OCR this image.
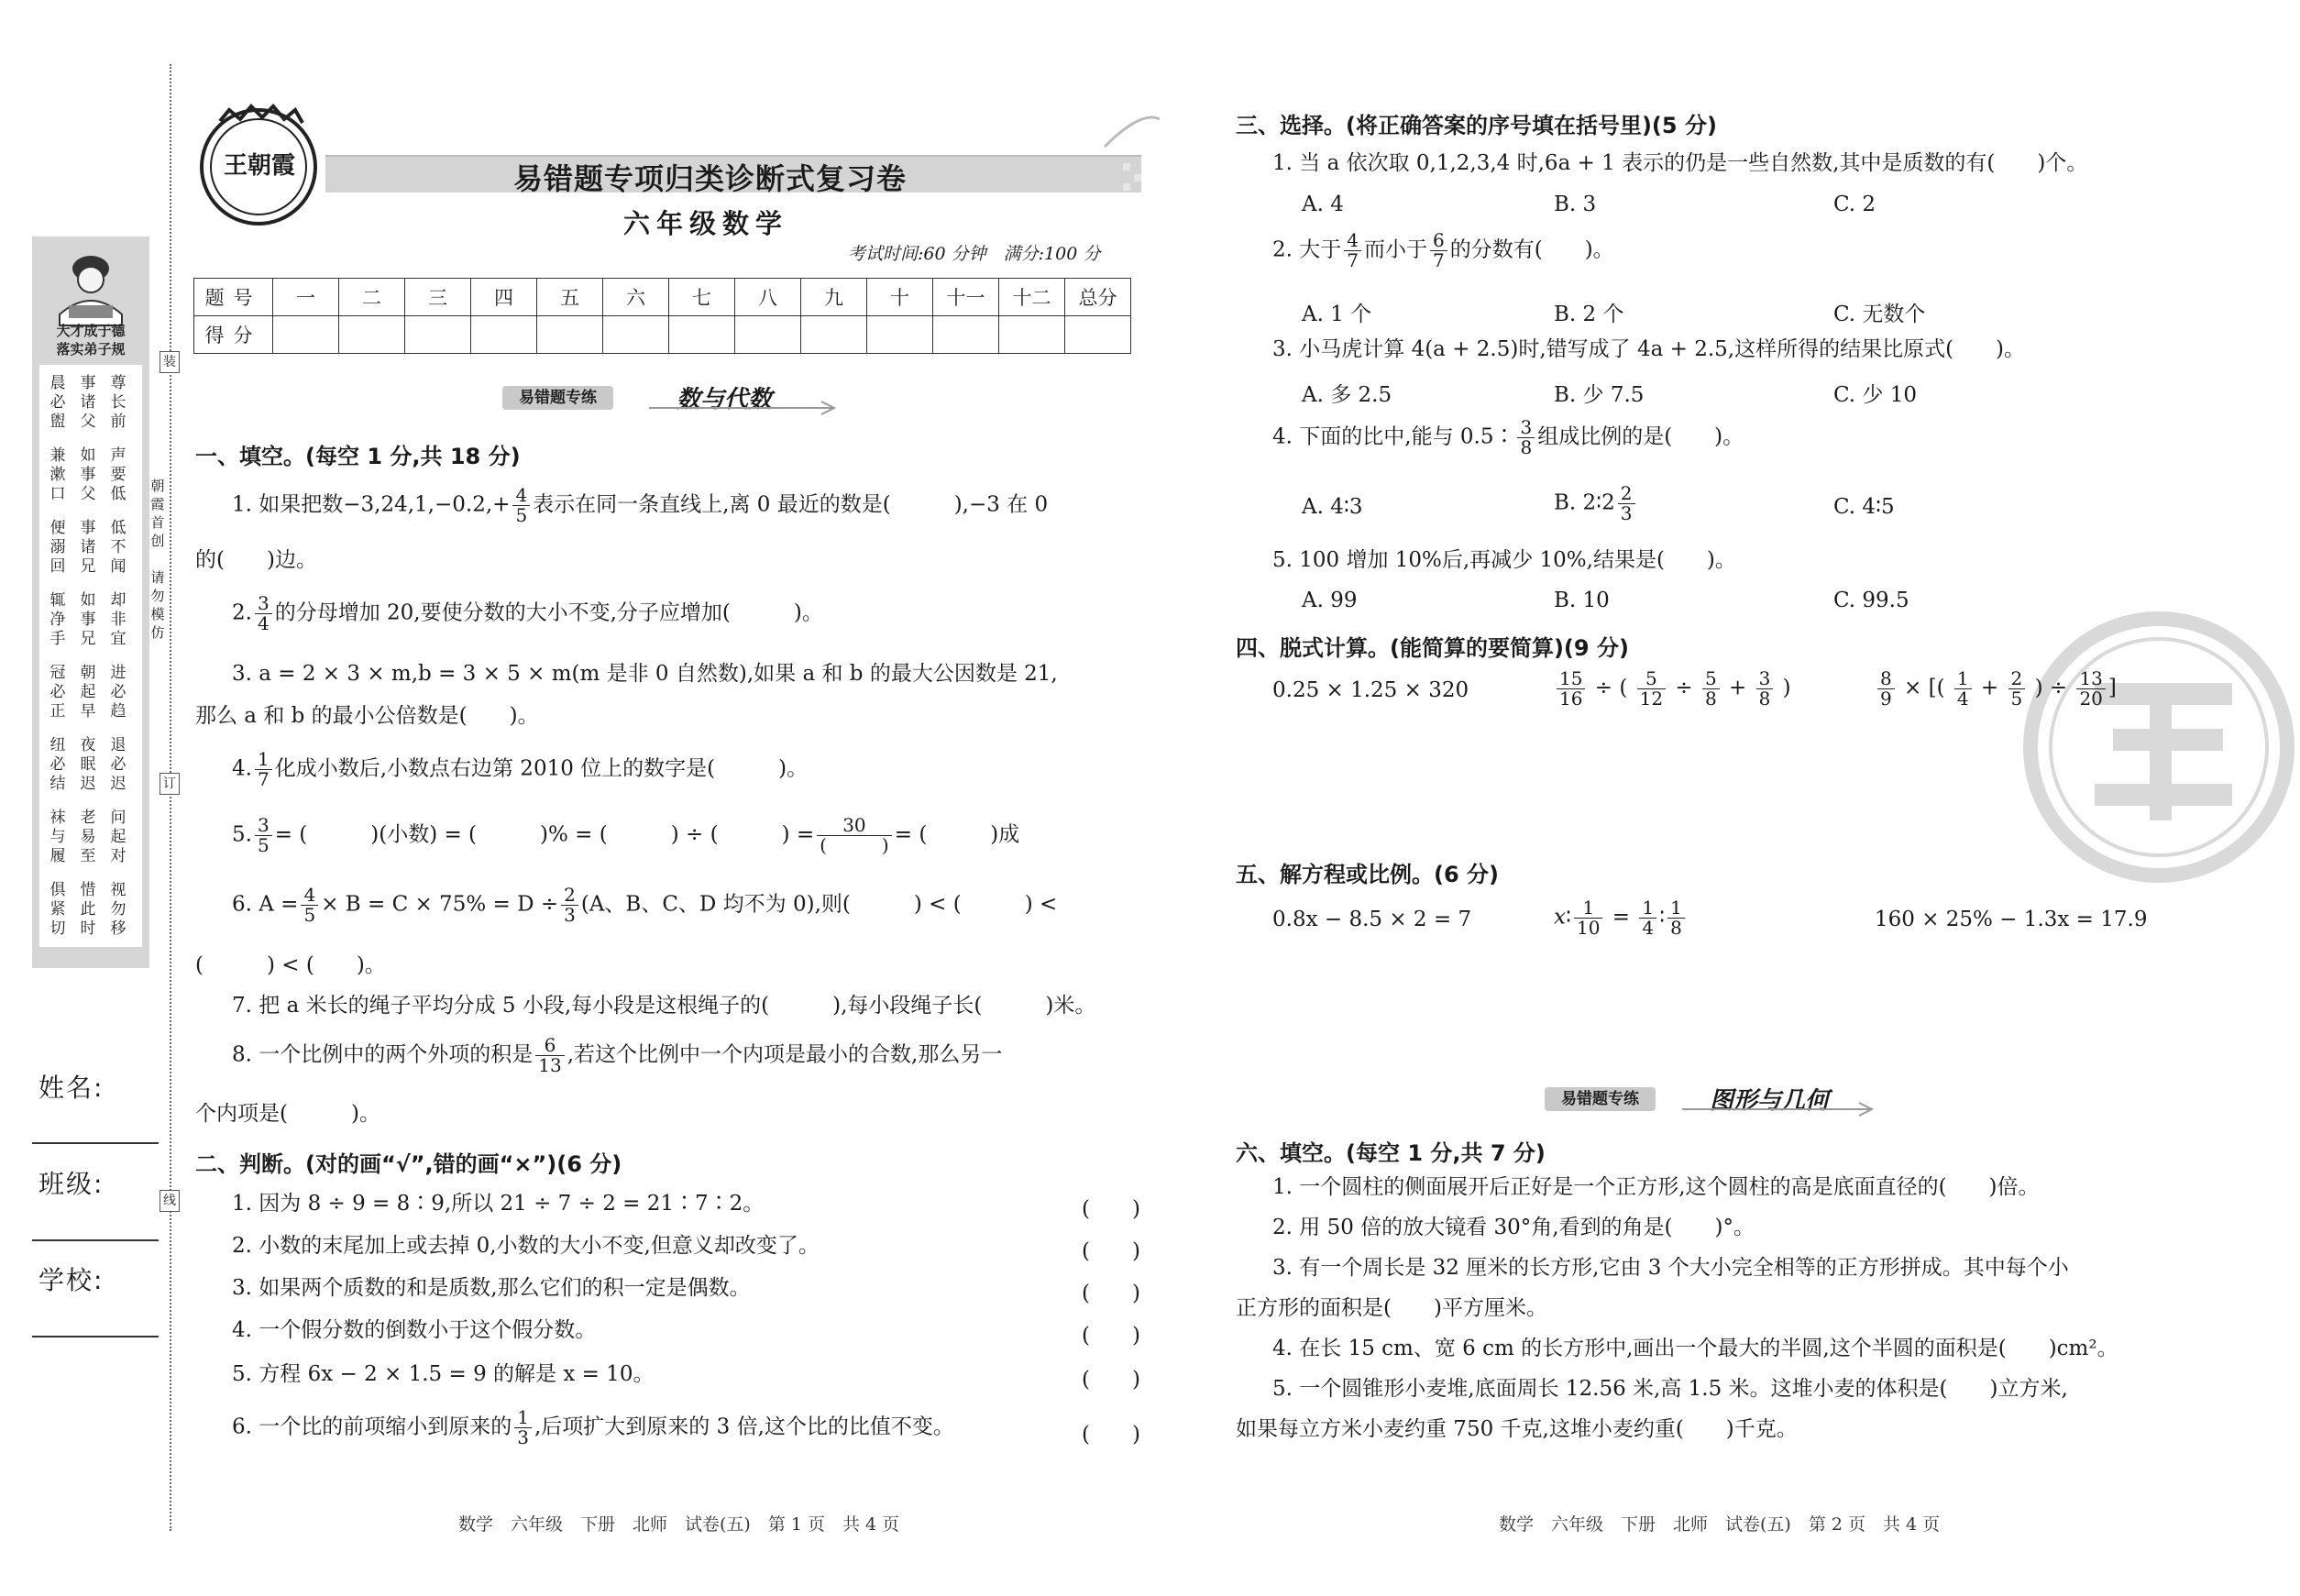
装
订
线
朝霞首创
请勿模仿
大才成于德
落实弟子规
晨必盥
事诸父
尊长前
兼漱口
如事父
声要低
便溺回
事诸兄
低不闻
辄净手
如事兄
却非宜
冠必正
朝起早
进必趋
纽必结
夜眠迟
退必迟
袜与履
老易至
问起对
俱紧切
惜此时
视勿移
姓名:
班级:
学校:
王朝霞	易错题专项归类诊断式复习卷
六年级数学
考试时间:60 分钟　满分:100 分
题号	一	二	三	四	五	六	七	八	九	十	十一	十二	总分
得分													
易错题专练	数与代数
一、填空。(每空 1 分,共 18 分)
1. 如果把数$-3,24,1,-0.2,+ \frac{4}{5}$ 表示在同一条直线上,离 0 最近的数是(　　　),−3 在 0
的(　　)边。
2. $\frac{3}{4}$ 的分母增加 20,要使分数的大小不变,分子应增加(　　　)。
3. a = 2 × 3 × m,b = 3 × 5 × m(m 是非 0 自然数),如果 a 和 b 的最大公因数是 21,
那么 a 和 b 的最小公倍数是(　　)。
4. $\frac{1}{7}$ 化成小数后,小数点右边第 2010 位上的数字是(　　　)。
5. $\frac{3}{5}$ = (　　　)(小数) = (　　　)% = (　　　) ÷ (　　　) =	30
(　　　) = (　　　)成
6. $A = \frac{4}{5} \times B = C \times 75\% = D \div \frac{2}{3} (A$、B、C、D 均不为 0),则(　　　) < (　　　) <
(　　　) < (　　)。
7. 把 a 米长的绳子平均分成 5 小段,每小段是这根绳子的(　　　),每小段绳子长(　　　)米。
8. 一个比例中的两个外项的积是 $\frac{6}{13}$ ,若这个比例中一个内项是最小的合数,那么另一
个内项是(　　　)。
二、判断。(对的画“√”,错的画“×”)(6 分)
1. 因为 8 ÷ 9 = 8∶9,所以 21 ÷ 7 ÷ 2 = 21∶7∶2。	(　　)
2. 小数的末尾加上或去掉 0,小数的大小不变,但意义却改变了。	(　　)
3. 如果两个质数的和是质数,那么它们的积一定是偶数。	(　　)
4. 一个假分数的倒数小于这个假分数。	(　　)
5. 方程 6x − 2 × 1.5 = 9 的解是 x = 10。	(　　)
6. 一个比的前项缩小到原来的 $\frac{1}{3}$ ,后项扩大到原来的 3 倍,这个比的比值不变。	(　　)
数学　六年级　下册　北师　试卷(五)　第 1 页　共 4 页
三、选择。(将正确答案的序号填在括号里)(5 分)
1. 当 a 依次取 0,1,2,3,4 时,6a + 1 表示的仍是一些自然数,其中是质数的有(　　)个。
A. 4	B. 3	C. 2
2. 大于 $\frac{4}{7}$ 而小于 $\frac{6}{7}$ 的分数有(　　)。
A. 1 个	B. 2 个	C. 无数个
3. 小马虎计算 4(a + 2.5)时,错写成了 4a + 2.5,这样所得的结果比原式(　　)。
A. 多 2.5	B. 少 7.5	C. 少 10
4. 下面的比中,能与 0.5∶ $\frac{3}{8}$ 组成比例的是(　　)。
A. 4∶3	B. 2∶2 $\frac{2}{3}$	C. 4∶5
5. 100 增加 10%后,再减少 10%,结果是(　　)。
A. 99	B. 10	C. 99.5
四、脱式计算。(能简算的要简算)(9 分)
0.25 × 1.25 × 320	$\frac{15}{16}$ ÷ ( $\frac{5}{12} \div \frac{5}{8} + \frac{3}{8}$ )	$\frac{8}{9}$ × [( $\frac{1}{4} + \frac{2}{5}$ ) ÷ $\frac{13}{20}$ ]
五、解方程或比例。(6 分)
0.8x − 8.5 × 2 = 7	x∶ $\frac{1}{10} = \frac{1}{4}$ ∶ $\frac{1}{8}$	160 × 25% − 1.3x = 17.9
易错题专练	图形与几何
六、填空。(每空 1 分,共 7 分)
1. 一个圆柱的侧面展开后正好是一个正方形,这个圆柱的高是底面直径的(　　)倍。
2. 用 50 倍的放大镜看 30°角,看到的角是(　　)°。
3. 有一个周长是 32 厘米的长方形,它由 3 个大小完全相等的正方形拼成。其中每个小
正方形的面积是(　　)平方厘米。
4. 在长 15 cm、宽 6 cm 的长方形中,画出一个最大的半圆,这个半圆的面积是(　　)cm²。
5. 一个圆锥形小麦堆,底面周长 12.56 米,高 1.5 米。这堆小麦的体积是(　　)立方米,
如果每立方米小麦约重 750 千克,这堆小麦约重(　　)千克。
数学　六年级　下册　北师　试卷(五)　第 2 页　共 4 页
